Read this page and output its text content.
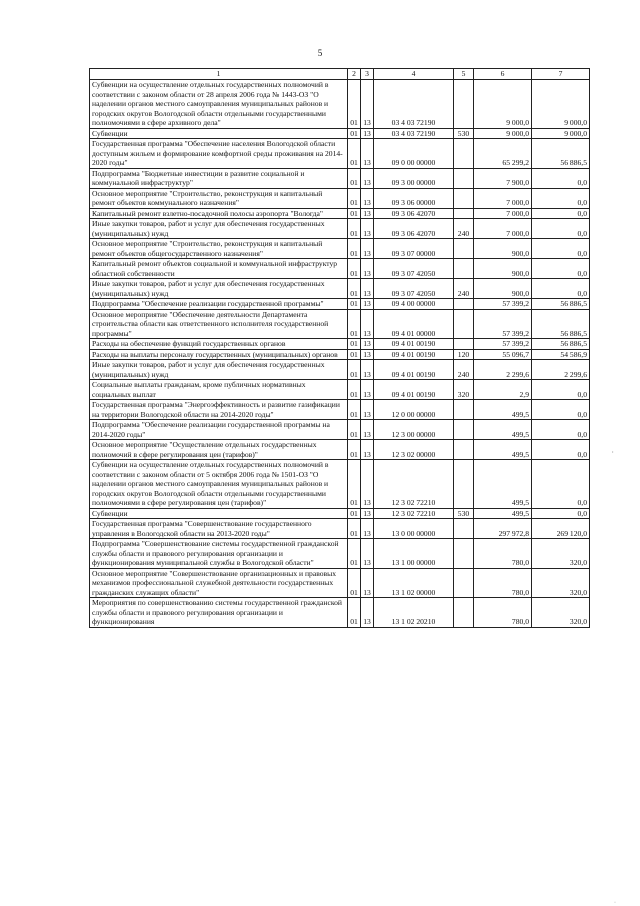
5
1	2	3	4	5	6	7
Субвенции на осуществление отдельных государственных полномочий в соответствии с законом области от 28 апреля 2006 года № 1443-ОЗ "О наделении органов местного самоуправления муниципальных районов и городских округов Вологодской области отдельными государственными полномочиями в сфере архивного дела"	01	13	03 4 03 72190		9 000,0	9 000,0
Субвенции	01	13	03 4 03 72190	530	9 000,0	9 000,0
Государственная программа "Обеспечение населения Вологодской области доступным жильем и формирование комфортной среды проживания на 2014-2020 годы"	01	13	09 0 00 00000		65 299,2	56 886,5
Подпрограмма "Бюджетные инвестиции в развитие социальной и коммунальной инфраструктур"	01	13	09 3 00 00000		7 900,0	0,0
Основное мероприятие "Строительство, реконструкция и капитальный ремонт объектов коммунального назначения"	01	13	09 3 06 00000		7 000,0	0,0
Капитальный ремонт взлетно-посадочной полосы аэропорта "Вологда"	01	13	09 3 06 42070		7 000,0	0,0
Иные закупки товаров, работ и услуг для обеспечения государственных (муниципальных) нужд	01	13	09 3 06 42070	240	7 000,0	0,0
Основное мероприятие "Строительство, реконструкция и капитальный ремонт объектов общегосударственного назначения"	01	13	09 3 07 00000		900,0	0,0
Капитальный ремонт объектов социальной и коммунальной инфраструктур областной собственности	01	13	09 3 07 42050		900,0	0,0
Иные закупки товаров, работ и услуг для обеспечения государственных (муниципальных) нужд	01	13	09 3 07 42050	240	900,0	0,0
Подпрограмма "Обеспечение реализации государственной программы"	01	13	09 4 00 00000		57 399,2	56 886,5
Основное мероприятие "Обеспечение деятельности Департамента строительства области как ответственного исполнителя государственной программы"	01	13	09 4 01 00000		57 399,2	56 886,5
Расходы на обеспечение функций государственных органов	01	13	09 4 01 00190		57 399,2	56 886,5
Расходы на выплаты персоналу государственных (муниципальных) органов	01	13	09 4 01 00190	120	55 096,7	54 586,9
Иные закупки товаров, работ и услуг для обеспечения государственных (муниципальных) нужд	01	13	09 4 01 00190	240	2 299,6	2 299,6
Социальные выплаты гражданам, кроме публичных нормативных социальных выплат	01	13	09 4 01 00190	320	2,9	0,0
Государственная программа "Энергоэффективность и развитие газификации на территории Вологодской области на 2014-2020 годы"	01	13	12 0 00 00000		499,5	0,0
Подпрограмма "Обеспечение реализации государственной программы на 2014-2020 годы"	01	13	12 3 00 00000		499,5	0,0
Основное мероприятие "Осуществление отдельных государственных полномочий в сфере регулирования цен (тарифов)"	01	13	12 3 02 00000		499,5	0,0
Субвенции на осуществление отдельных государственных полномочий в соответствии с законом области от 5 октября 2006 года № 1501-ОЗ "О наделении органов местного самоуправления муниципальных районов и городских округов Вологодской области отдельными государственными полномочиями в сфере регулирования цен (тарифов)"	01	13	12 3 02 72210		499,5	0,0
Субвенции	01	13	12 3 02 72210	530	499,5	0,0
Государственная программа "Совершенствование государственного управления в Вологодской области на 2013-2020 годы"	01	13	13 0 00 00000		297 972,8	269 120,0
Подпрограмма "Совершенствование системы государственной гражданской службы области и правового регулирования организации и функционирования муниципальной службы в Вологодской области"	01	13	13 1 00 00000		780,0	320,0
Основное мероприятие "Совершенствование организационных и правовых механизмов профессиональной служебной деятельности государственных гражданских служащих области"	01	13	13 1 02 00000		780,0	320,0
Мероприятия по совершенствованию системы государственной гражданской службы области и правового регулирования организации и функционирования	01	13	13 1 02 20210		780,0	320,0
·
·
